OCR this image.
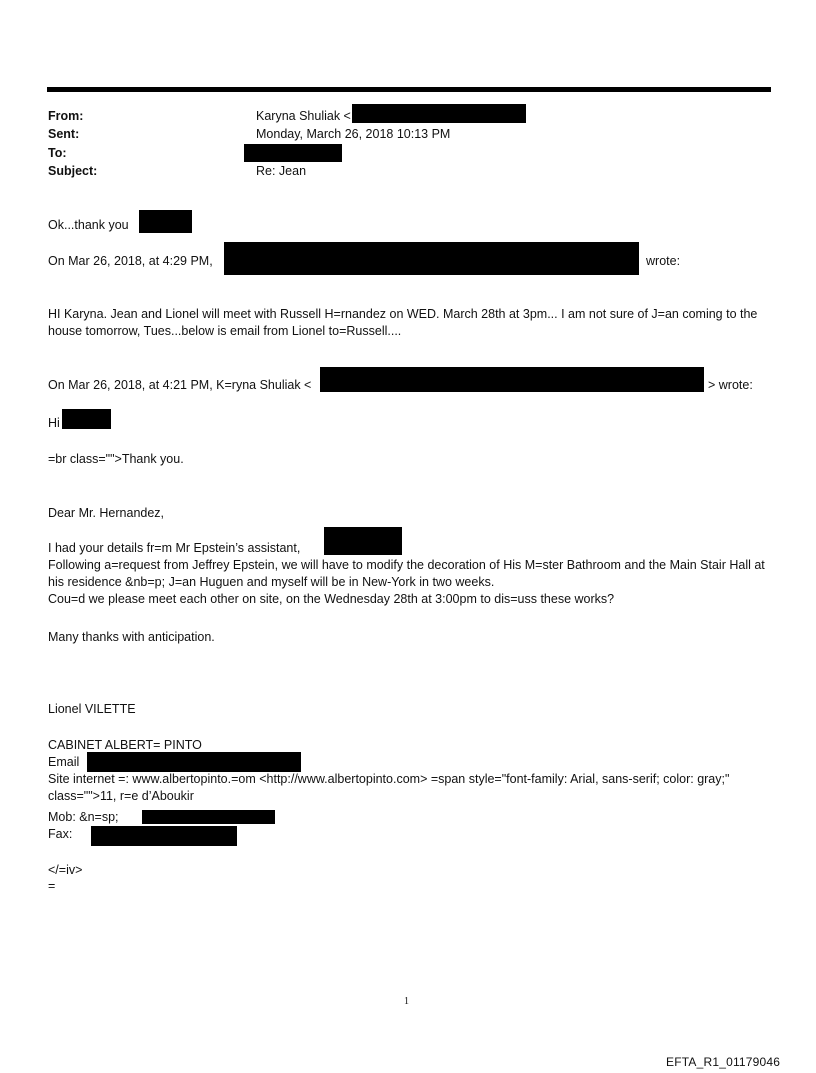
From:	Karyna Shuliak <
Sent:	Monday, March 26, 2018 10:13 PM
To:
Subject:	Re: Jean
Ok...thank you
On Mar 26, 2018, at 4:29 PM,	wrote:
HI Karyna. Jean and Lionel will meet with Russell H=rnandez on WED. March 28th at 3pm... I am not sure of J=an coming to the house tomorrow, Tues...below is email from Lionel to=Russell....
On Mar 26, 2018, at 4:21 PM, K=ryna Shuliak <	> wrote:
Hi
=br class="">Thank you.
Dear Mr. Hernandez,
I had your details fr=m Mr Epstein’s assistant,
Following a=request from Jeffrey Epstein, we will have to modify the decoration of His M=ster Bathroom and the Main Stair Hall at his residence &nb=p; J=an Huguen and myself will be in New-York in two weeks.
Cou=d we please meet each other on site, on the Wednesday 28th at 3:00pm to dis=uss these works?
Many thanks with anticipation.
Lionel VILETTE
CABINET ALBERT= PINTO
Email
Site internet =: www.albertopinto.=om <http://www.albertopinto.com> =span style="font-family: Arial, sans-serif; color: gray;" class="">11, r=e d’Aboukir
Mob: &n=sp;
Fax:
</=iv>
=
1
EFTA_R1_01179046
